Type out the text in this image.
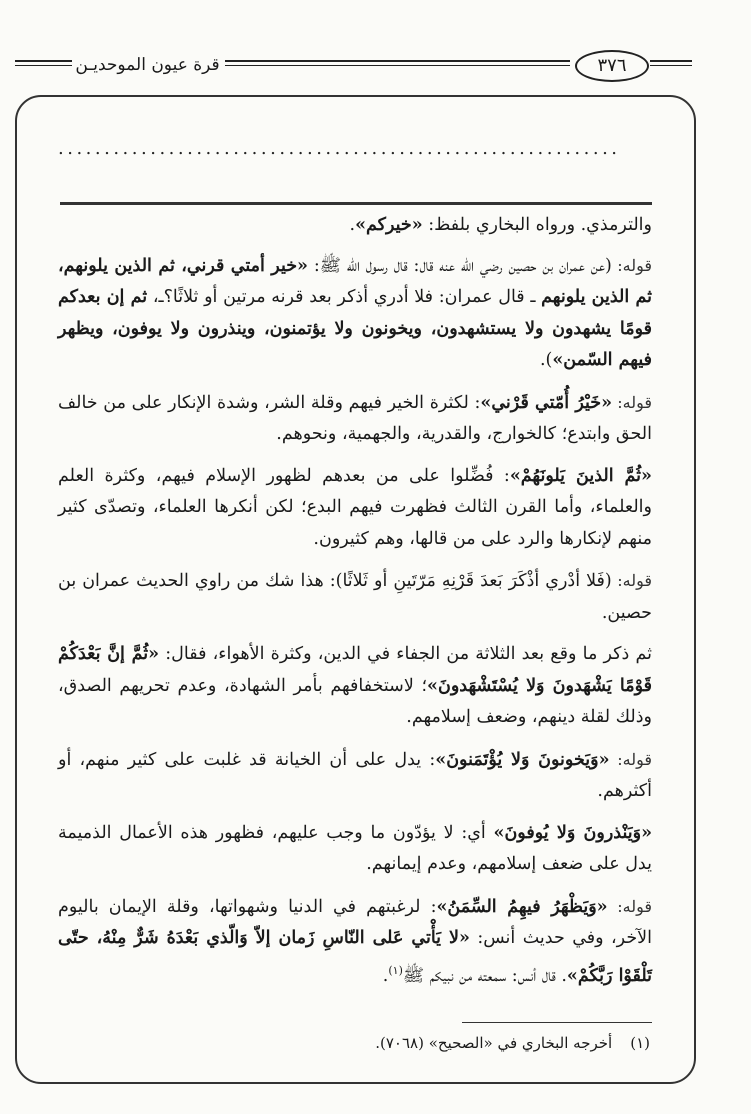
٣٧٦
قرة عيون الموحديـن
.............................................................

والترمذي. ورواه البخاري بلفظ: «خيركم».

قوله: (عن عمران بن حصين رضي الله عنه قال: قال رسول الله ﷺ: «خير أمتي قرني، ثم الذين يلونهم، ثم الذين يلونهم ـ قال عمران: فلا أدري أذكر بعد قرنه مرتين أو ثلاثًا؟ـ، ثم إن بعدكم قومًا يشهدون ولا يستشهدون، ويخونون ولا يؤتمنون، وينذرون ولا يوفون، ويظهر فيهم السّمن»).

قوله: «خَيْرُ أُمّتي قَرْني»: لكثرة الخير فيهم وقلة الشر، وشدة الإنكار على من خالف الحق وابتدع؛ كالخوارج، والقدرية، والجهمية، ونحوهم.

«ثُمَّ الذينَ يَلونَهُمْ»: فُضِّلوا على من بعدهم لظهور الإسلام فيهم، وكثرة العلم والعلماء، وأما القرن الثالث فظهرت فيهم البدع؛ لكن أنكرها العلماء، وتصدّى كثير منهم لإنكارها والرد على من قالها، وهم كثيرون.

قوله: (فَلا أدْري أذْكَرَ بَعدَ قَرْنِهِ مَرّتَينِ أو ثَلاثًا): هذا شك من راوي الحديث عمران بن حصين.

ثم ذكر ما وقع بعد الثلاثة من الجفاء في الدين، وكثرة الأهواء، فقال: «ثُمَّ إنَّ بَعْدَكُمْ قَوْمًا يَشْهَدونَ وَلا يُسْتَشْهَدونَ»؛ لاستخفافهم بأمر الشهادة، وعدم تحريهم الصدق، وذلك لقلة دينهم، وضعف إسلامهم.

قوله: «وَيَخونونَ وَلا يُؤْتَمَنونَ»: يدل على أن الخيانة قد غلبت على كثير منهم، أو أكثرهم.

«وَيَنْذرونَ وَلا يُوفونَ» أي: لا يؤدّون ما وجب عليهم، فظهور هذه الأعمال الذميمة يدل على ضعف إسلامهم، وعدم إيمانهم.

قوله: «وَيَظْهَرُ فيهِمُ السِّمَنُ»: لرغبتهم في الدنيا وشهواتها، وقلة الإيمان باليوم الآخر، وفي حديث أنس: «لا يَأْتي عَلى النّاسِ زَمان إلاّ وَالّذي بَعْدَهُ شَرٌّ مِنْهُ، حتّى تَلْقَوْا رَبَّكُمْ». قال أنس: سمعته من نبيكم ﷺ$^{(١)}$.

(١)أخرجه البخاري في «الصحيح» (٧٠٦٨).
